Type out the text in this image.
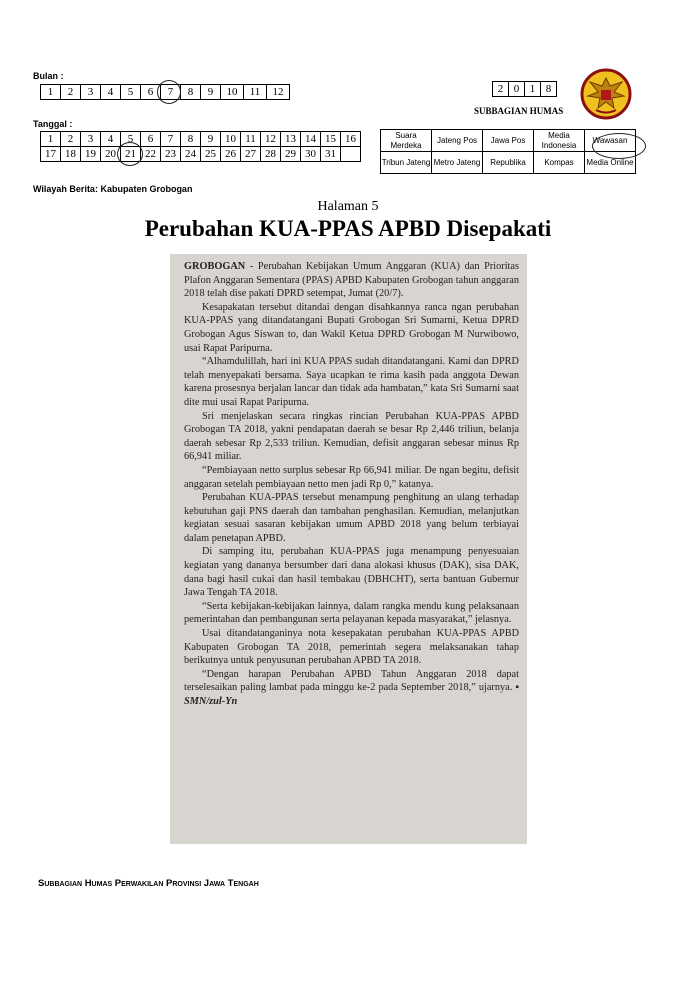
Bulan :
1	2	3	4	5	6	7	8	9	10	11	12
Tanggal :
1	2	3	4	5	6	7	8	9	10	11	12	13	14	15	16
17	18	19	20	21	22	23	24	25	26	27	28	29	30	31	
2	0	1	8
SUBBAGIAN HUMAS
Suara Merdeka	Jateng Pos	Jawa Pos	Media Indonesia	Wawasan
Tribun Jateng	Metro Jateng	Republika	Kompas	Media Online
Wilayah Berita: Kabupaten Grobogan
Halaman 5
Perubahan KUA-PPAS APBD Disepakati

GROBOGAN - Perubahan Kebijakan Umum Anggaran (KUA) dan Prioritas Plafon Anggaran Sementara (PPAS) APBD Kabupaten Grobogan tahun anggaran 2018 telah dise pakati DPRD setempat, Jumat (20/7).

Kesapakatan tersebut ditandai dengan disahkannya ranca ngan perubahan KUA-PPAS yang ditandatangani Bupati Grobogan Sri Sumarni, Ketua DPRD Grobogan Agus Siswan to, dan Wakil Ketua DPRD Grobogan M Nurwibowo, usai Rapat Paripurna.

“Alhamdulillah, hari ini KUA PPAS sudah ditandatangani. Kami dan DPRD telah menyepakati bersama. Saya ucapkan te rima kasih pada anggota Dewan karena prosesnya berjalan lancar dan tidak ada hambatan,” kata Sri Sumarni saat dite mui usai Rapat Paripurna.

Sri menjelaskan secara ringkas rincian Perubahan KUA-PPAS APBD Grobogan TA 2018, yakni pendapatan daerah se besar Rp 2,446 triliun, belanja daerah sebesar Rp 2,533 triliun. Kemudian, defisit anggaran sebesar minus Rp 66,941 miliar.

“Pembiayaan netto surplus sebesar Rp 66,941 miliar. De ngan begitu, defisit anggaran setelah pembiayaan netto men jadi Rp 0,” katanya.

Perubahan KUA-PPAS tersebut menampung penghitung an ulang terhadap kebutuhan gaji PNS daerah dan tambahan penghasilan. Kemudian, melanjutkan kegiatan sesuai sasaran kebijakan umum APBD 2018 yang belum terbiayai dalam penetapan APBD.

Di samping itu, perubahan KUA-PPAS juga menampung penyesuaian kegiatan yang dananya bersumber dari dana alokasi khusus (DAK), sisa DAK, dana bagi hasil cukai dan hasil tembakau (DBHCHT), serta bantuan Gubernur Jawa Tengah TA 2018.

“Serta kebijakan-kebijakan lainnya, dalam rangka mendu kung pelaksanaan pemerintahan dan pembangunan serta pelayanan kepada masyarakat,” jelasnya.

Usai ditandatanganinya nota kesepakatan perubahan KUA-PPAS APBD Kabupaten Grobogan TA 2018, pemerintah segera melaksanakan tahap berikutnya untuk penyusunan perubahan APBD TA 2018.

“Dengan harapan Perubahan APBD Tahun Anggaran 2018 dapat terselesaikan paling lambat pada minggu ke-2 pada September 2018,” ujarnya. ▪ SMN/zul-Yn

Subbagian Humas Perwakilan Provinsi Jawa Tengah
